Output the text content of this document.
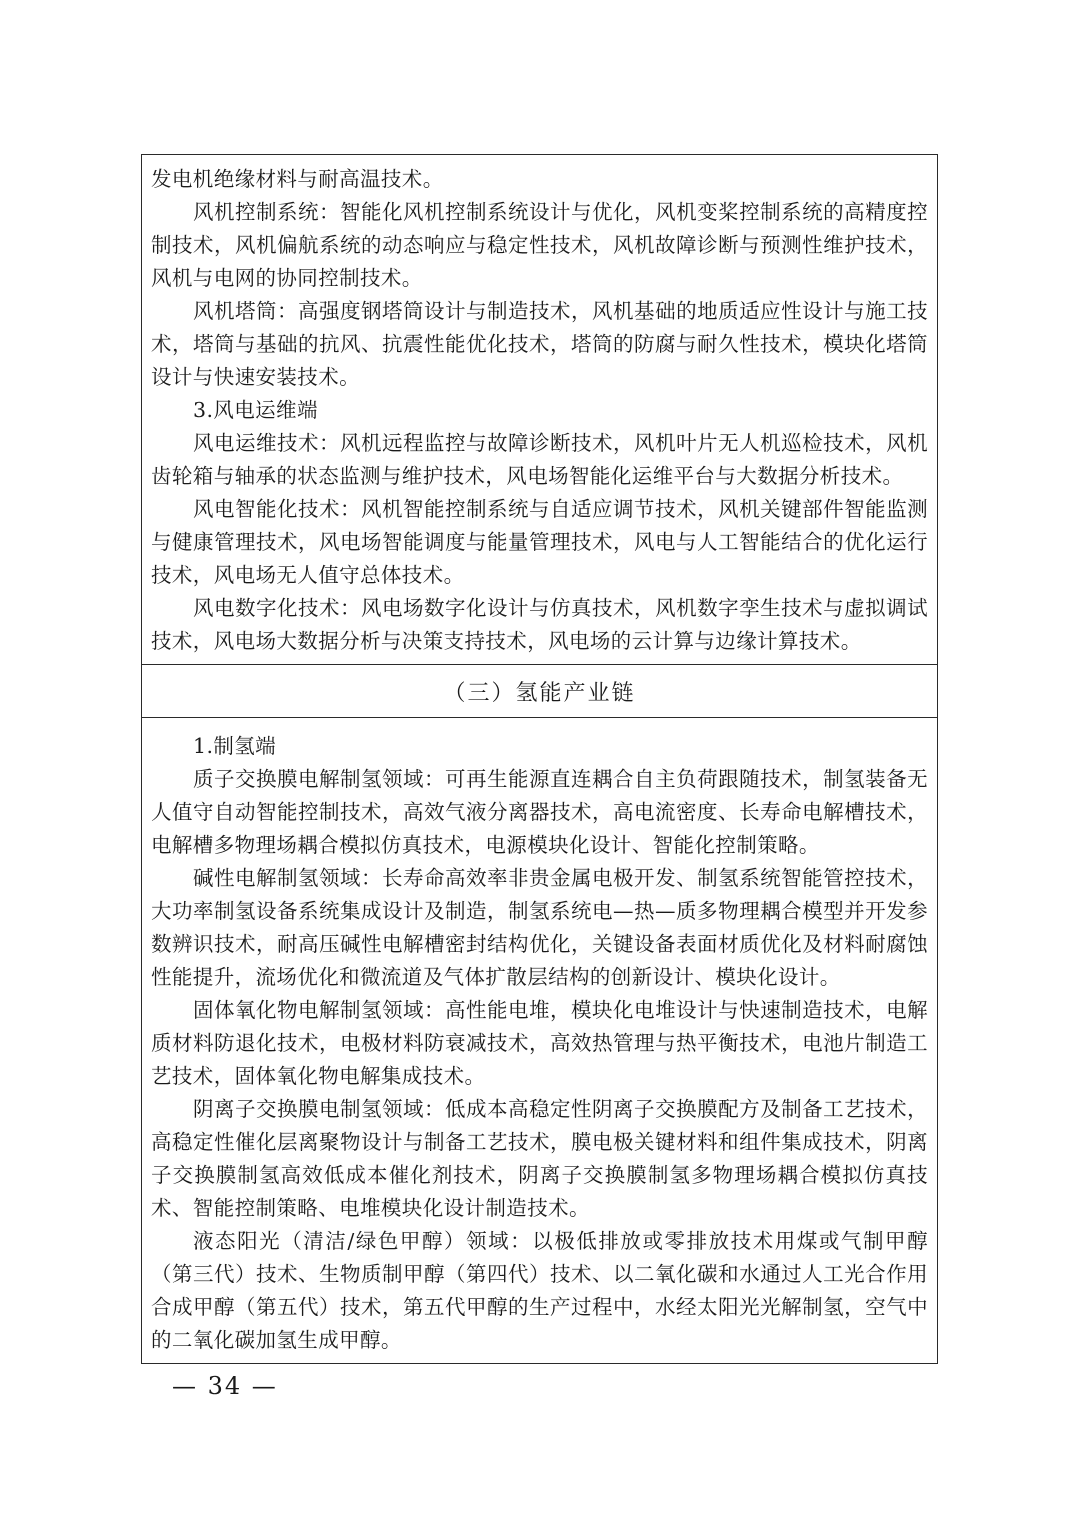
发电机绝缘材料与耐高温技术。

风机控制系统：智能化风机控制系统设计与优化，风机变桨控制系统的高精度控制技术，风机偏航系统的动态响应与稳定性技术，风机故障诊断与预测性维护技术，风机与电网的协同控制技术。

风机塔筒：高强度钢塔筒设计与制造技术，风机基础的地质适应性设计与施工技术，塔筒与基础的抗风、抗震性能优化技术，塔筒的防腐与耐久性技术，模块化塔筒设计与快速安装技术。

3.风电运维端

风电运维技术：风机远程监控与故障诊断技术，风机叶片无人机巡检技术，风机齿轮箱与轴承的状态监测与维护技术，风电场智能化运维平台与大数据分析技术。

风电智能化技术：风机智能控制系统与自适应调节技术，风机关键部件智能监测与健康管理技术，风电场智能调度与能量管理技术，风电与人工智能结合的优化运行技术，风电场无人值守总体技术。

风电数字化技术：风电场数字化设计与仿真技术，风机数字孪生技术与虚拟调试技术，风电场大数据分析与决策支持技术，风电场的云计算与边缘计算技术。

（三）氢能产业链

1.制氢端

质子交换膜电解制氢领域：可再生能源直连耦合自主负荷跟随技术，制氢装备无人值守自动智能控制技术，高效气液分离器技术，高电流密度、长寿命电解槽技术，电解槽多物理场耦合模拟仿真技术，电源模块化设计、智能化控制策略。

碱性电解制氢领域：长寿命高效率非贵金属电极开发、制氢系统智能管控技术，大功率制氢设备系统集成设计及制造，制氢系统电—热—质多物理耦合模型并开发参数辨识技术，耐高压碱性电解槽密封结构优化，关键设备表面材质优化及材料耐腐蚀性能提升，流场优化和微流道及气体扩散层结构的创新设计、模块化设计。

固体氧化物电解制氢领域：高性能电堆，模块化电堆设计与快速制造技术，电解质材料防退化技术，电极材料防衰减技术，高效热管理与热平衡技术，电池片制造工艺技术，固体氧化物电解集成技术。

阴离子交换膜电制氢领域：低成本高稳定性阴离子交换膜配方及制备工艺技术，高稳定性催化层离聚物设计与制备工艺技术，膜电极关键材料和组件集成技术，阴离子交换膜制氢高效低成本催化剂技术，阴离子交换膜制氢多物理场耦合模拟仿真技术、智能控制策略、电堆模块化设计制造技术。

液态阳光（清洁/绿色甲醇）领域：以极低排放或零排放技术用煤或气制甲醇（第三代）技术、生物质制甲醇（第四代）技术、以二氧化碳和水通过人工光合作用合成甲醇（第五代）技术，第五代甲醇的生产过程中，水经太阳光光解制氢，空气中的二氧化碳加氢生成甲醇。

— 34 —
